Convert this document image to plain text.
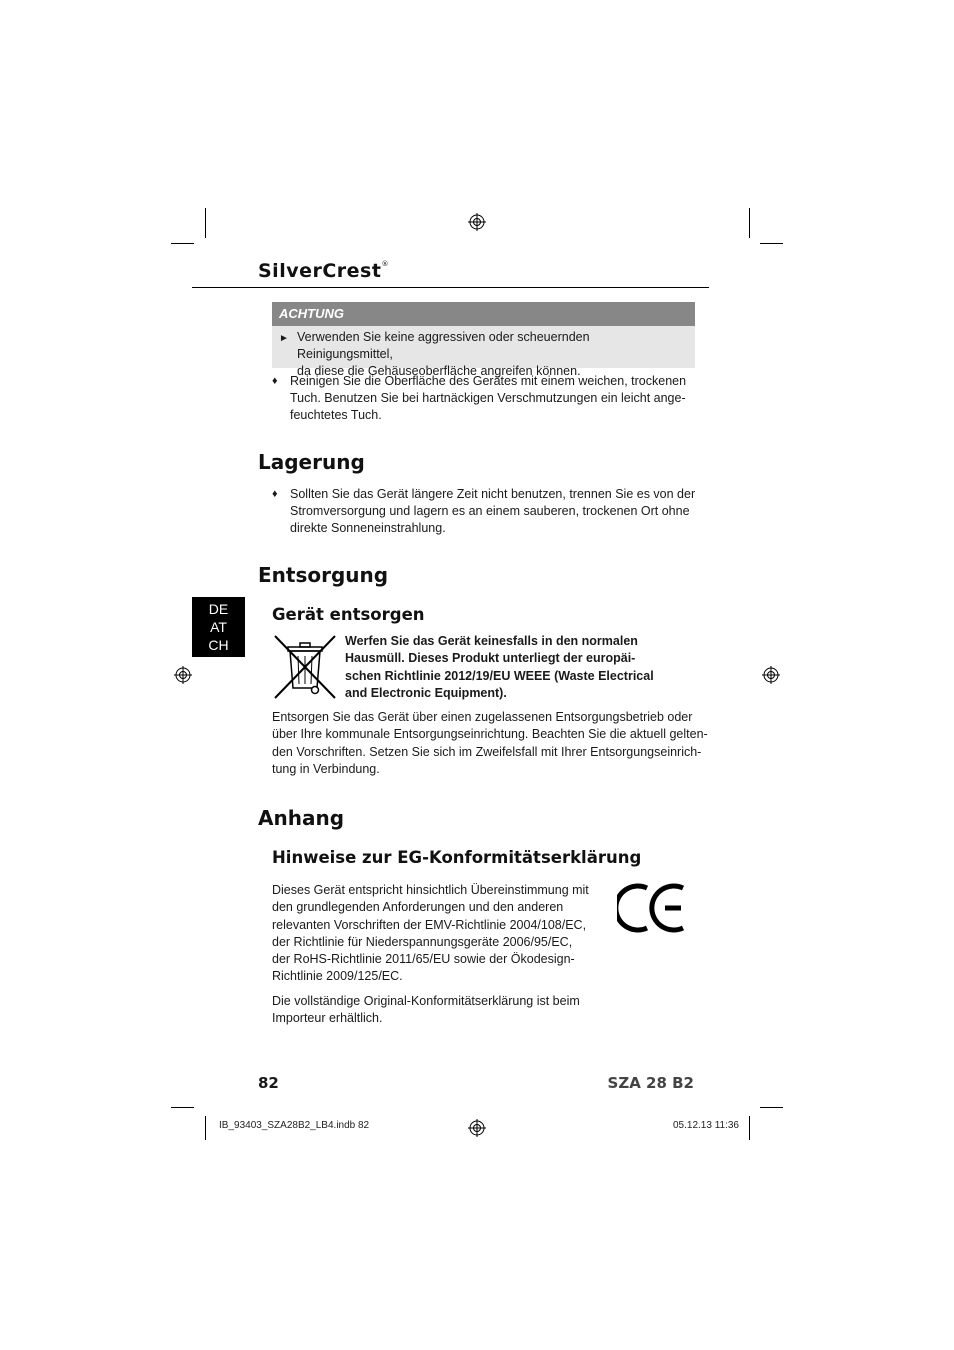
SilverCrest®
ACHTUNG
► Verwenden Sie keine aggressiven oder scheuernden Reinigungsmittel,
da diese die Gehäuseoberfläche angreifen können.
♦ Reinigen Sie die Oberfläche des Gerätes mit einem weichen, trockenen
Tuch. Benutzen Sie bei hartnäckigen Verschmutzungen ein leicht ange-
feuchtetes Tuch.
Lagerung
♦ Sollten Sie das Gerät längere Zeit nicht benutzen, trennen Sie es von der
Stromversorgung und lagern es an einem sauberen, trockenen Ort ohne
direkte Sonneneinstrahlung.
Entsorgung
DE
AT
CH
Gerät entsorgen
Werfen Sie das Gerät keinesfalls in den normalen
Hausmüll. Dieses Produkt unterliegt der europäi-
schen Richtlinie 2012/19/EU WEEE (Waste Electrical
and Electronic Equipment).
Entsorgen Sie das Gerät über einen zugelassenen Entsorgungsbetrieb oder
über Ihre kommunale Entsorgungseinrichtung. Beachten Sie die aktuell gelten-
den Vorschriften. Setzen Sie sich im Zweifelsfall mit Ihrer Entsorgungseinrich-
tung in Verbindung.
Anhang
Hinweise zur EG-Konformitätserklärung
Dieses Gerät entspricht hinsichtlich Übereinstimmung mit
den grundlegenden Anforderungen und den anderen
relevanten Vorschriften der EMV-Richtlinie 2004/108/EC,
der Richtlinie für Niederspannungsgeräte 2006/95/EC,
der RoHS-Richtlinie 2011/65/EU sowie der Ökodesign-
Richtlinie 2009/125/EC.
Die vollständige Original-Konformitätserklärung ist beim
Importeur erhältlich.
82	SZA 28 B2
IB_93403_SZA28B2_LB4.indb 82	05.12.13 11:36
